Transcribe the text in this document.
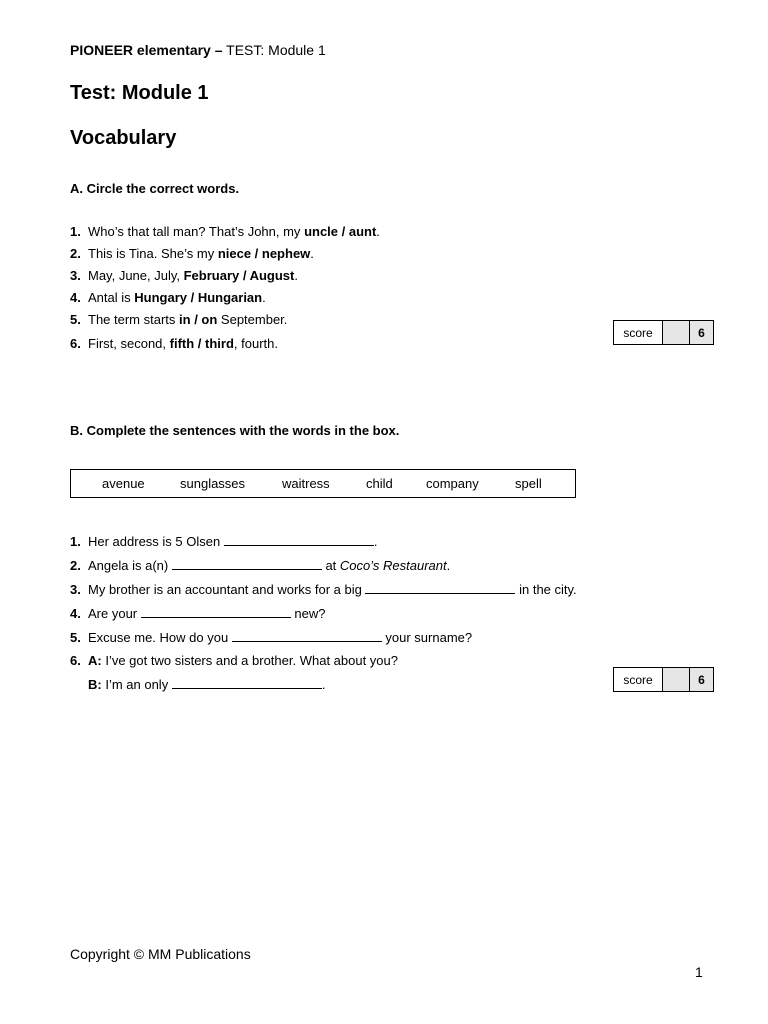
PIONEER elementary – TEST: Module 1
Test: Module 1
Vocabulary
A. Circle the correct words.
1. Who’s that tall man? That’s John, my uncle / aunt.
2. This is Tina. She’s my niece / nephew.
3. May, June, July, February / August.
4. Antal is Hungary / Hungarian.
5. The term starts in / on September.
6. First, second, fifth / third, fourth.
score	6
B. Complete the sentences with the words in the box.
avenue	sunglasses	waitress	child	company	spell
1. Her address is 5 Olsen	.
2. Angela is a(n)	at Coco’s Restaurant.
3. My brother is an accountant and works for a big	in the city.
4. Are your	new?
5. Excuse me. How do you	your surname?
6. A: I’ve got two sisters and a brother. What about you?
B: I’m an only	.	score	6
Copyright © MM Publications
1
